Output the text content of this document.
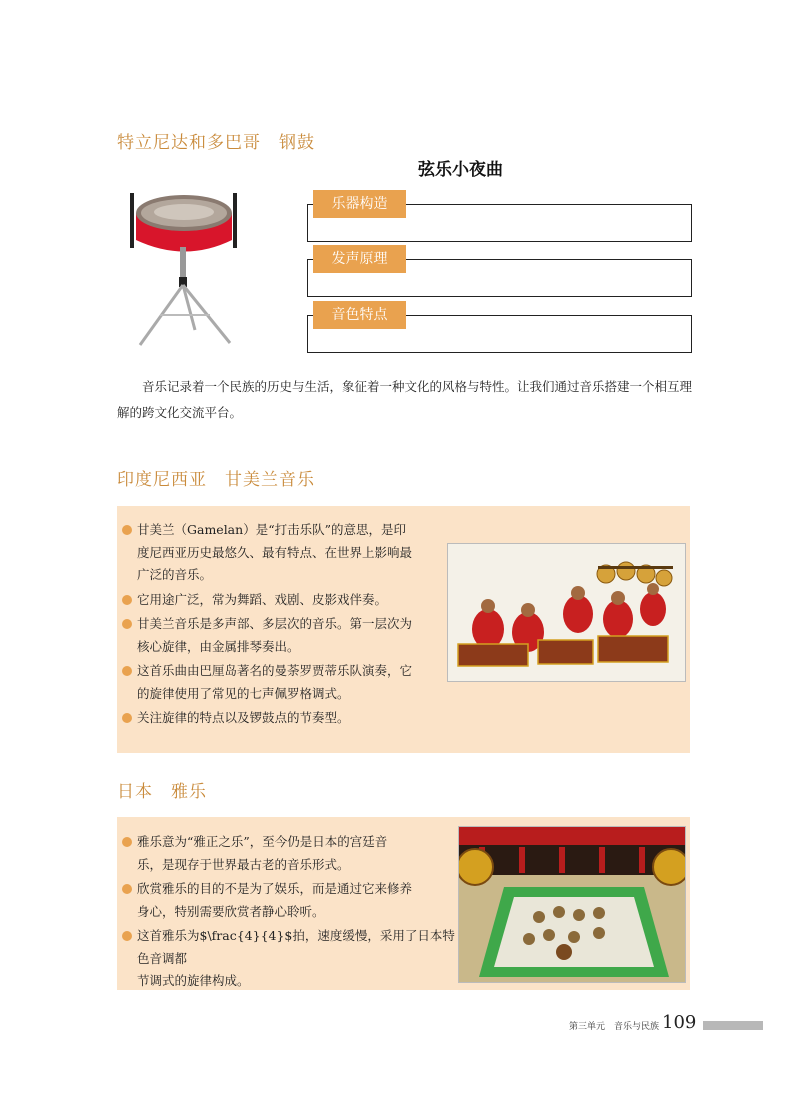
特立尼达和多巴哥　钢鼓
弦乐小夜曲
乐器构造
发声原理
音色特点
音乐记录着一个民族的历史与生活，象征着一种文化的风格与特性。让我们通过音乐搭建一个相互理解的跨文化交流平台。
印度尼西亚　甘美兰音乐
甘美兰（Gamelan）是“打击乐队”的意思，是印
度尼西亚历史最悠久、最有特点、在世界上影响最
广泛的音乐。
它用途广泛，常为舞蹈、戏剧、皮影戏伴奏。
甘美兰音乐是多声部、多层次的音乐。第一层次为
核心旋律，由金属排琴奏出。
这首乐曲由巴厘岛著名的曼荼罗贾蒂乐队演奏，它
的旋律使用了常见的七声佩罗格调式。
关注旋律的特点以及锣鼓点的节奏型。
日本　雅乐
雅乐意为“雅正之乐”，至今仍是日本的宫廷音
乐，是现存于世界最古老的音乐形式。
欣赏雅乐的目的不是为了娱乐，而是通过它来修养
身心，特别需要欣赏者静心聆听。
这首雅乐为$\frac{4}{4}$拍，速度缓慢，采用了日本特色音调都
节调式的旋律构成。
第三单元　音乐与民族 109
